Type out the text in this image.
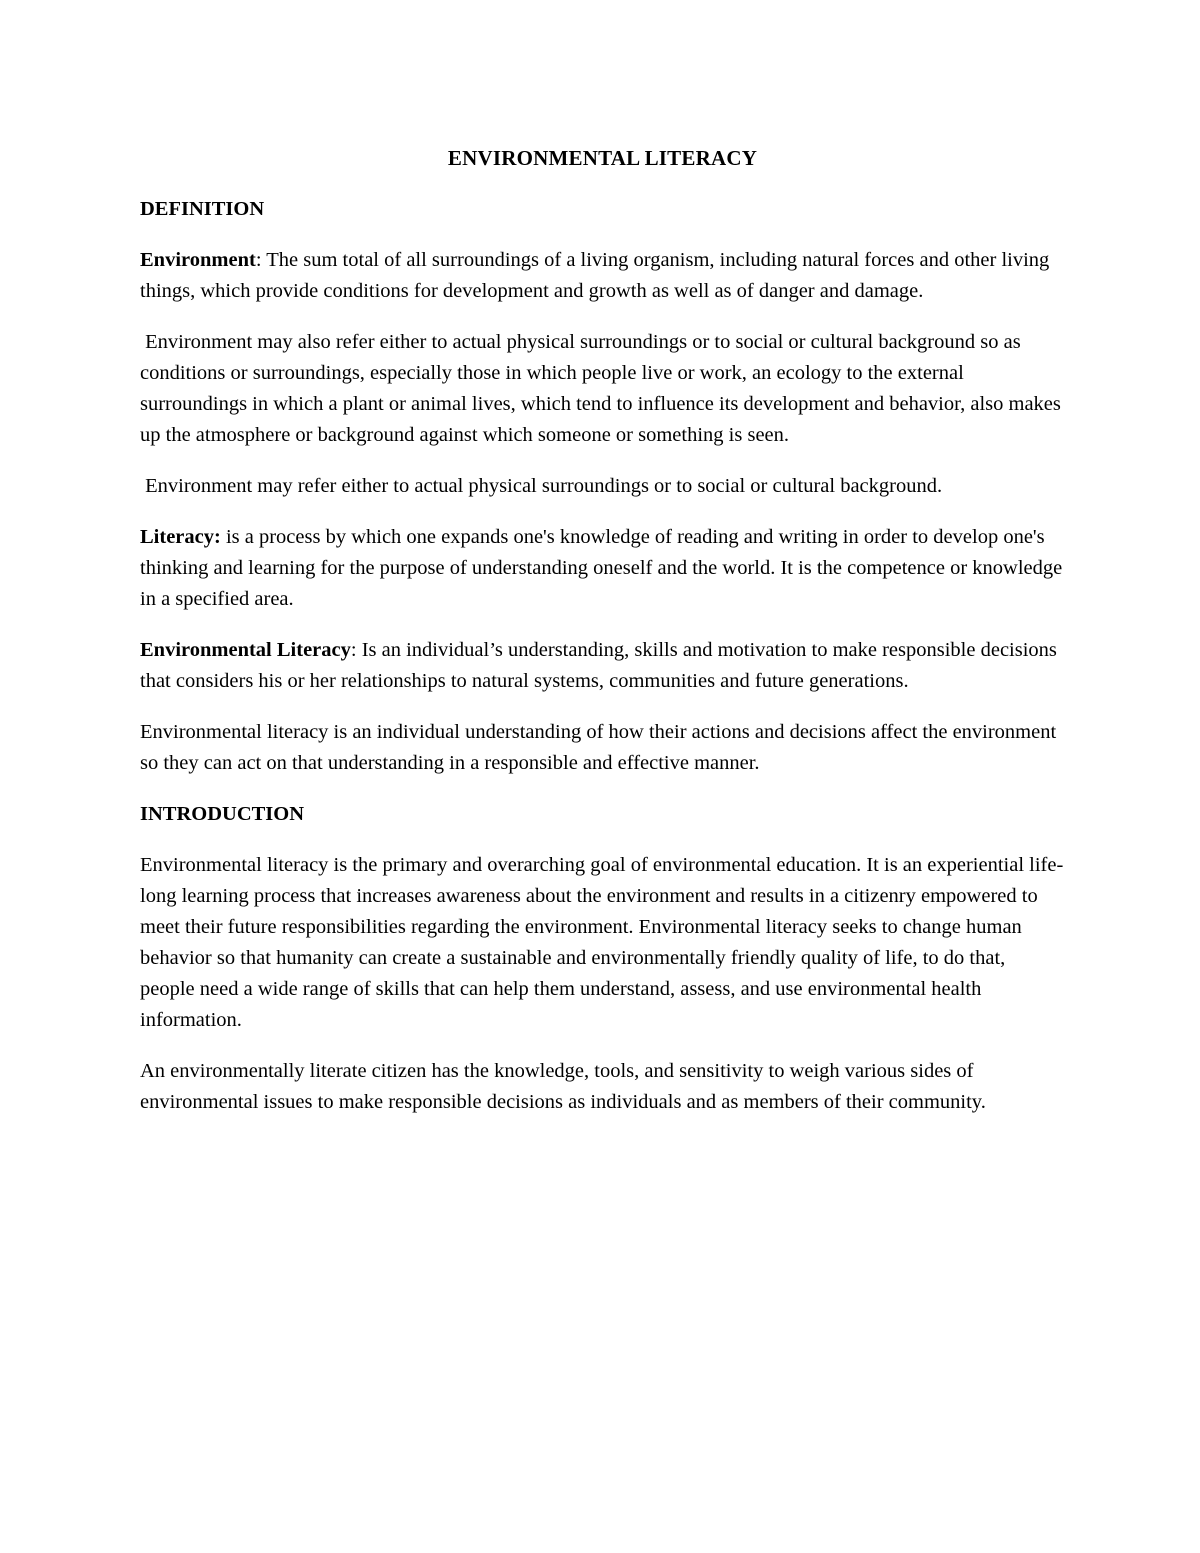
ENVIRONMENTAL LITERACY
DEFINITION

Environment: The sum total of all surroundings of a living organism, including natural forces and other living things, which provide conditions for development and growth as well as of danger and damage.

Environment may also refer either to actual physical surroundings or to social or cultural background so as conditions or surroundings, especially those in which people live or work, an ecology to the external surroundings in which a plant or animal lives, which tend to influence its development and behavior, also makes up the atmosphere or background against which someone or something is seen.

Environment may refer either to actual physical surroundings or to social or cultural background.

Literacy: is a process by which one expands one's knowledge of reading and writing in order to develop one's thinking and learning for the purpose of understanding oneself and the world. It is the competence or knowledge in a specified area.

Environmental Literacy: Is an individual’s understanding, skills and motivation to make responsible decisions that considers his or her relationships to natural systems, communities and future generations.

Environmental literacy is an individual understanding of how their actions and decisions affect the environment so they can act on that understanding in a responsible and effective manner.

INTRODUCTION

Environmental literacy is the primary and overarching goal of environmental education. It is an experiential life-long learning process that increases awareness about the environment and results in a citizenry empowered to meet their future responsibilities regarding the environment. Environmental literacy seeks to change human behavior so that humanity can create a sustainable and environmentally friendly quality of life, to do that, people need a wide range of skills that can help them understand, assess, and use environmental health information.

An environmentally literate citizen has the knowledge, tools, and sensitivity to weigh various sides of environmental issues to make responsible decisions as individuals and as members of their community.
